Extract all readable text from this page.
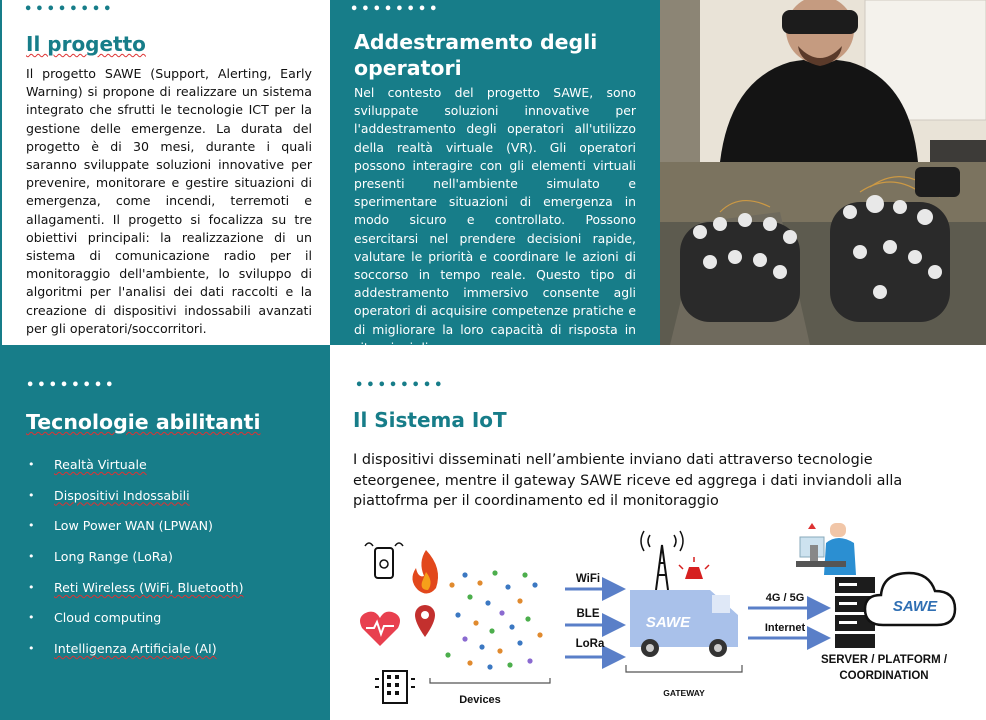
••••••••
Il progetto

Il progetto SAWE (Support, Alerting, Early Warning) si propone di realizzare un sistema integrato che sfrutti le tecnologie ICT per la gestione delle emergenze. La durata del progetto è di 30 mesi, durante i quali saranno sviluppate soluzioni innovative per prevenire, monitorare e gestire situazioni di emergenza, come incendi, terremoti e allagamenti. Il progetto si focalizza su tre obiettivi principali: la realizzazione di un sistema di comunicazione radio per il monitoraggio dell'ambiente, lo sviluppo di algoritmi per l'analisi dei dati raccolti e la creazione di dispositivi indossabili avanzati per gli operatori/soccorritori.

••••••••
Addestramento degli operatori

Nel contesto del progetto SAWE, sono sviluppate soluzioni innovative per l'addestramento degli operatori all'utilizzo della realtà virtuale (VR). Gli operatori possono interagire con gli elementi virtuali presenti nell'ambiente simulato e sperimentare situazioni di emergenza in modo sicuro e controllato. Possono esercitarsi nel prendere decisioni rapide, valutare le priorità e coordinare le azioni di soccorso in tempo reale. Questo tipo di addestramento immersivo consente agli operatori di acquisire competenze pratiche e di migliorare la loro capacità di risposta in

••••••••
Tecnologie abilitanti
• Realtà Virtuale
• Dispositivi Indossabili
• Low Power WAN (LPWAN)
• Long Range (LoRa)
• Reti Wireless (WiFi, Bluetooth)
• Cloud computing
• Intelligenza Artificiale (AI)
••••••••
Il Sistema IoT

I dispositivi disseminati nell’ambiente inviano dati attraverso tecnologie eteorgenee, mentre il gateway SAWE riceve ed aggrega i dati inviandoli alla piattofrma per il coordinamento ed il monitoraggio

Devices
WiFi
BLE
LoRa
SAWE
GATEWAY
4G / 5G
Internet
SAWE
SERVER / PLATFORM /
COORDINATION
